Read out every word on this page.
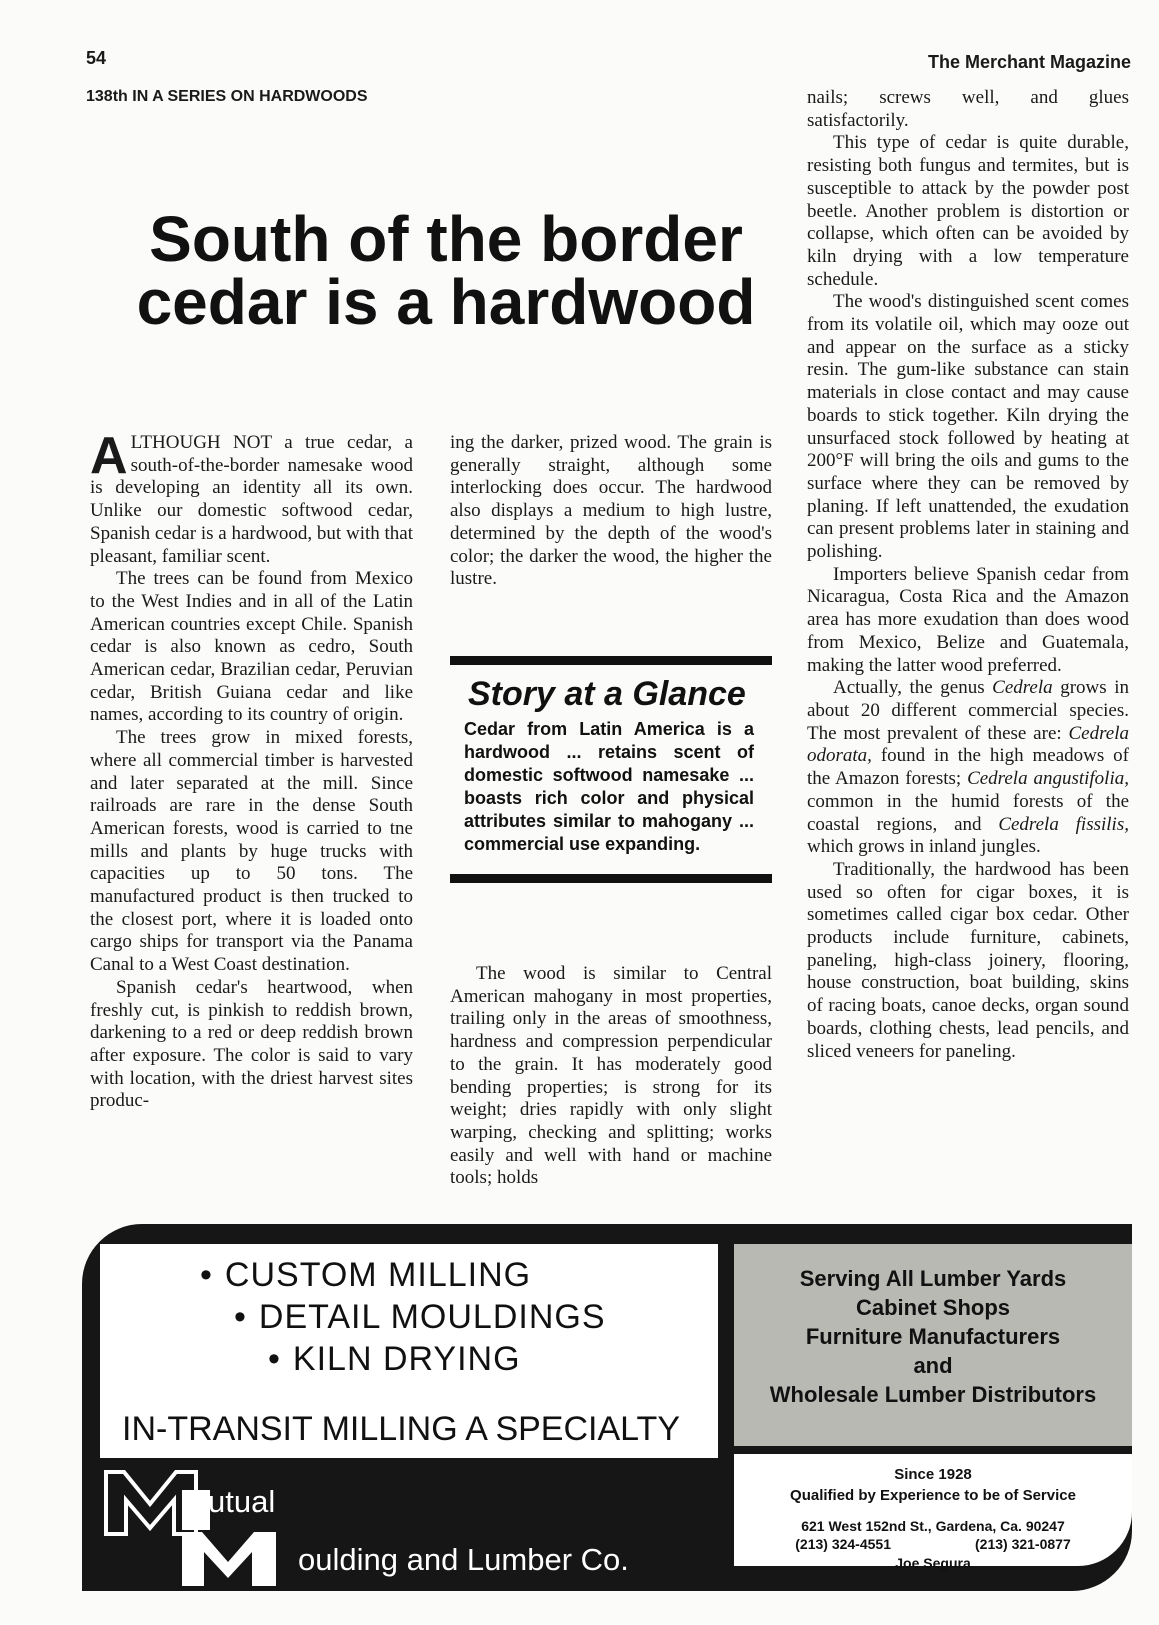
54	The Merchant Magazine
138th IN A SERIES ON HARDWOODS
South of the border
cedar is a hardwood

ALTHOUGH NOT a true cedar, a south-of-the-border namesake wood is developing an identity all its own. Unlike our domestic softwood cedar, Spanish cedar is a hardwood, but with that pleasant, familiar scent.

The trees can be found from Mexico to the West Indies and in all of the Latin American countries except Chile. Spanish cedar is also known as cedro, South American cedar, Brazilian cedar, Peruvian cedar, British Guiana cedar and like names, according to its country of origin.

The trees grow in mixed forests, where all commercial timber is harvested and later separated at the mill. Since railroads are rare in the dense South American forests, wood is carried to tne mills and plants by huge trucks with capacities up to 50 tons. The manufactured product is then trucked to the closest port, where it is loaded onto cargo ships for transport via the Panama Canal to a West Coast destination.

Spanish cedar's heartwood, when freshly cut, is pinkish to reddish brown, darkening to a red or deep reddish brown after exposure. The color is said to vary with location, with the driest harvest sites produc-

ing the darker, prized wood. The grain is generally straight, although some interlocking does occur. The hardwood also displays a medium to high lustre, determined by the depth of the wood's color; the darker the wood, the higher the lustre.

Story at a Glance
Cedar from Latin America is a hardwood ... retains scent of domestic softwood namesake ... boasts rich color and physical attributes similar to mahogany ... commercial use expanding.

The wood is similar to Central American mahogany in most properties, trailing only in the areas of smoothness, hardness and compression perpendicular to the grain. It has moderately good bending properties; is strong for its weight; dries rapidly with only slight warping, checking and splitting; works easily and well with hand or machine tools; holds

nails; screws well, and glues satisfactorily.

This type of cedar is quite durable, resisting both fungus and termites, but is susceptible to attack by the powder post beetle. Another problem is distortion or collapse, which often can be avoided by kiln drying with a low temperature schedule.

The wood's distinguished scent comes from its volatile oil, which may ooze out and appear on the surface as a sticky resin. The gum-like substance can stain materials in close contact and may cause boards to stick together. Kiln drying the unsurfaced stock followed by heating at 200°F will bring the oils and gums to the surface where they can be removed by planing. If left unattended, the exudation can present problems later in staining and polishing.

Importers believe Spanish cedar from Nicaragua, Costa Rica and the Amazon area has more exudation than does wood from Mexico, Belize and Guatemala, making the latter wood preferred.

Actually, the genus Cedrela grows in about 20 different commercial species. The most prevalent of these are: Cedrela odorata, found in the high meadows of the Amazon forests; Cedrela angustifolia, common in the humid forests of the coastal regions, and Cedrela fissilis, which grows in inland jungles.

Traditionally, the hardwood has been used so often for cigar boxes, it is sometimes called cigar box cedar. Other products include furniture, cabinets, paneling, high-class joinery, flooring, house construction, boat building, skins of racing boats, canoe decks, organ sound boards, clothing chests, lead pencils, and sliced veneers for paneling.

• CUSTOM MILLING
• DETAIL MOULDINGS
• KILN DRYING
IN-TRANSIT MILLING A SPECIALTY
Serving All Lumber Yards
Cabinet Shops
Furniture Manufacturers
and
Wholesale Lumber Distributors
Since 1928
Qualified by Experience to be of Service
621 West 152nd St., Gardena, Ca. 90247
(213) 324-4551	(213) 321-0877
Joe Segura
utual
oulding and Lumber Co.
